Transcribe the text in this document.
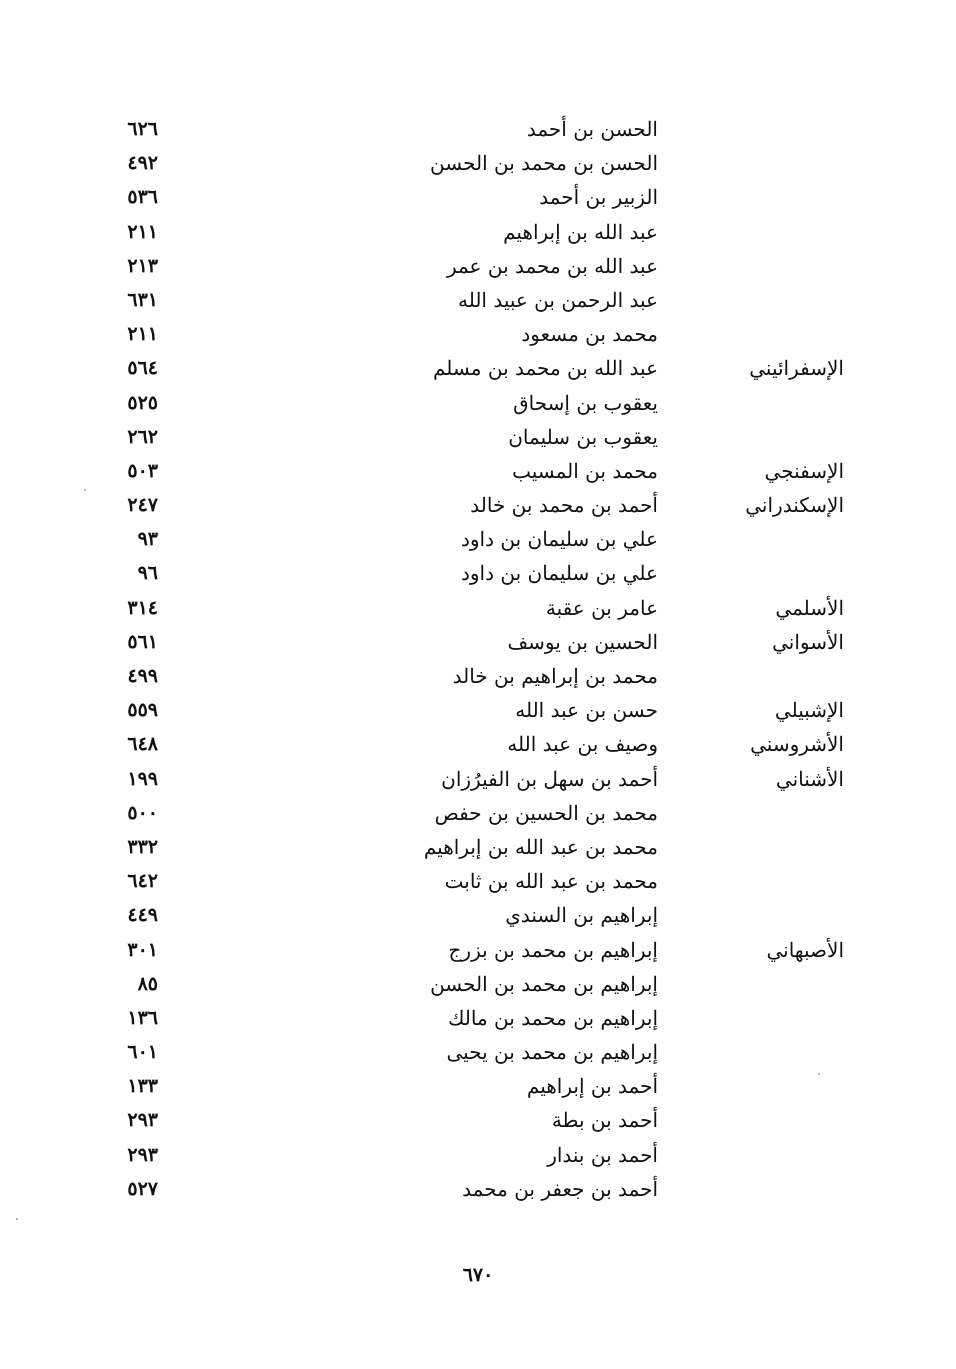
الحسن بن أحمد
٦٢٦
الحسن بن محمد بن الحسن
٤٩٢
الزبير بن أحمد
٥٣٦
عبد الله بن إبراهيم
٢١١
عبد الله بن محمد بن عمر
٢١٣
عبد الرحمن بن عبيد الله
٦٣١
محمد بن مسعود
٢١١
الإسفرائيني
عبد الله بن محمد بن مسلم
٥٦٤
يعقوب بن إسحاق
٥٢٥
يعقوب بن سليمان
٢٦٢
الإسفنجي
محمد بن المسيب
٥٠٣
الإسكندراني
أحمد بن محمد بن خالد
٢٤٧
علي بن سليمان بن داود
٩٣
علي بن سليمان بن داود
٩٦
الأسلمي
عامر بن عقبة
٣١٤
الأسواني
الحسين بن يوسف
٥٦١
محمد بن إبراهيم بن خالد
٤٩٩
الإشبيلي
حسن بن عبد الله
٥٥٩
الأشروسني
وصيف بن عبد الله
٦٤٨
الأشناني
أحمد بن سهل بن الفيرُزان
١٩٩
محمد بن الحسين بن حفص
٥٠٠
محمد بن عبد الله بن إبراهيم
٣٣٢
محمد بن عبد الله بن ثابت
٦٤٢
إبراهيم بن السندي
٤٤٩
الأصبهاني
إبراهيم بن محمد بن بزرج
٣٠١
إبراهيم بن محمد بن الحسن
٨٥
إبراهيم بن محمد بن مالك
١٣٦
إبراهيم بن محمد بن يحيى
٦٠١
أحمد بن إبراهيم
١٣٣
أحمد بن بطة
٢٩٣
أحمد بن بندار
٢٩٣
أحمد بن جعفر بن محمد
٥٢٧
٦٧٠
